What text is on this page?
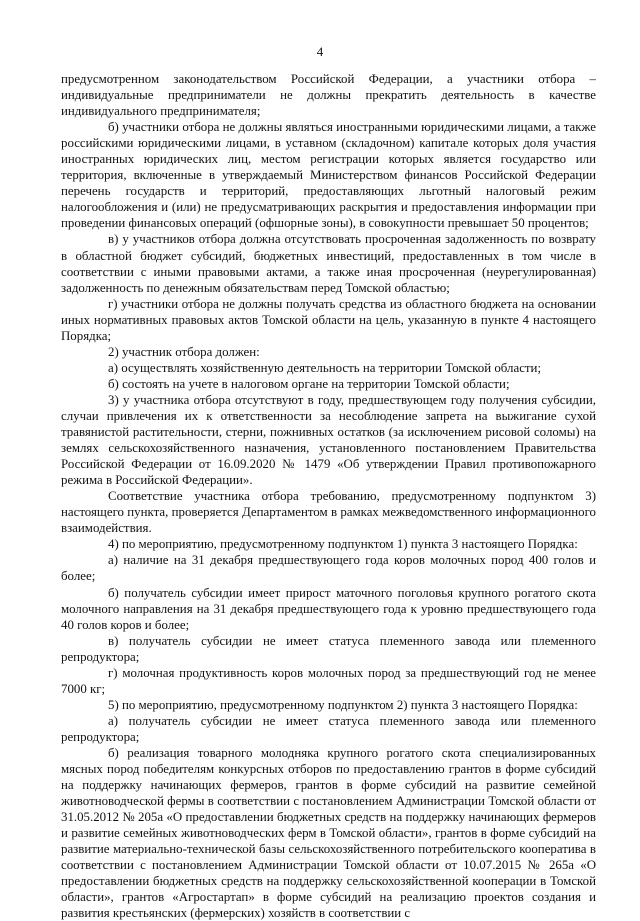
4

предусмотренном законодательством Российской Федерации, а участники отбора – индивидуальные предприниматели не должны прекратить деятельность в качестве индивидуального предпринимателя;

б) участники отбора не должны являться иностранными юридическими лицами, а также российскими юридическими лицами, в уставном (складочном) капитале которых доля участия иностранных юридических лиц, местом регистрации которых является государство или территория, включенные в утверждаемый Министерством финансов Российской Федерации перечень государств и территорий, предоставляющих льготный налоговый режим налогообложения и (или) не предусматривающих раскрытия и предоставления информации при проведении финансовых операций (офшорные зоны), в совокупности превышает 50 процентов;

в) у участников отбора должна отсутствовать просроченная задолженность по возврату в областной бюджет субсидий, бюджетных инвестиций, предоставленных в том числе в соответствии с иными правовыми актами, а также иная просроченная (неурегулированная) задолженность по денежным обязательствам перед Томской областью;

г) участники отбора не должны получать средства из областного бюджета на основании иных нормативных правовых актов Томской области на цель, указанную в пункте 4 настоящего Порядка;

2) участник отбора должен:

а) осуществлять хозяйственную деятельность на территории Томской области;

б) состоять на учете в налоговом органе на территории Томской области;

3) у участника отбора отсутствуют в году, предшествующем году получения субсидии, случаи привлечения их к ответственности за несоблюдение запрета на выжигание сухой травянистой растительности, стерни, пожнивных остатков (за исключением рисовой соломы) на землях сельскохозяйственного назначения, установленного постановлением Правительства Российской Федерации от 16.09.2020 № 1479 «Об утверждении Правил противопожарного режима в Российской Федерации».

Соответствие участника отбора требованию, предусмотренному подпунктом 3) настоящего пункта, проверяется Департаментом в рамках межведомственного информационного взаимодействия.

4) по мероприятию, предусмотренному подпунктом 1) пункта 3 настоящего Порядка:

а) наличие на 31 декабря предшествующего года коров молочных пород 400 голов и более;

б) получатель субсидии имеет прирост маточного поголовья крупного рогатого скота молочного направления на 31 декабря предшествующего года к уровню предшествующего года 40 голов коров и более;

в) получатель субсидии не имеет статуса племенного завода или племенного репродуктора;

г) молочная продуктивность коров молочных пород за предшествующий год не менее 7000 кг;

5) по мероприятию, предусмотренному подпунктом 2) пункта 3 настоящего Порядка:

а) получатель субсидии не имеет статуса племенного завода или племенного репродуктора;

б) реализация товарного молодняка крупного рогатого скота специализированных мясных пород победителям конкурсных отборов по предоставлению грантов в форме субсидий на поддержку начинающих фермеров, грантов в форме субсидий на развитие семейной животноводческой фермы в соответствии с постановлением Администрации Томской области от 31.05.2012 № 205а «О предоставлении бюджетных средств на поддержку начинающих фермеров и развитие семейных животноводческих ферм в Томской области», грантов в форме субсидий на развитие материально-технической базы сельскохозяйственного потребительского кооператива в соответствии с постановлением Администрации Томской области от 10.07.2015 № 265а «О предоставлении бюджетных средств на поддержку сельскохозяйственной кооперации в Томской области», грантов «Агростартап» в форме субсидий на реализацию проектов создания и развития крестьянских (фермерских) хозяйств в соответствии с
